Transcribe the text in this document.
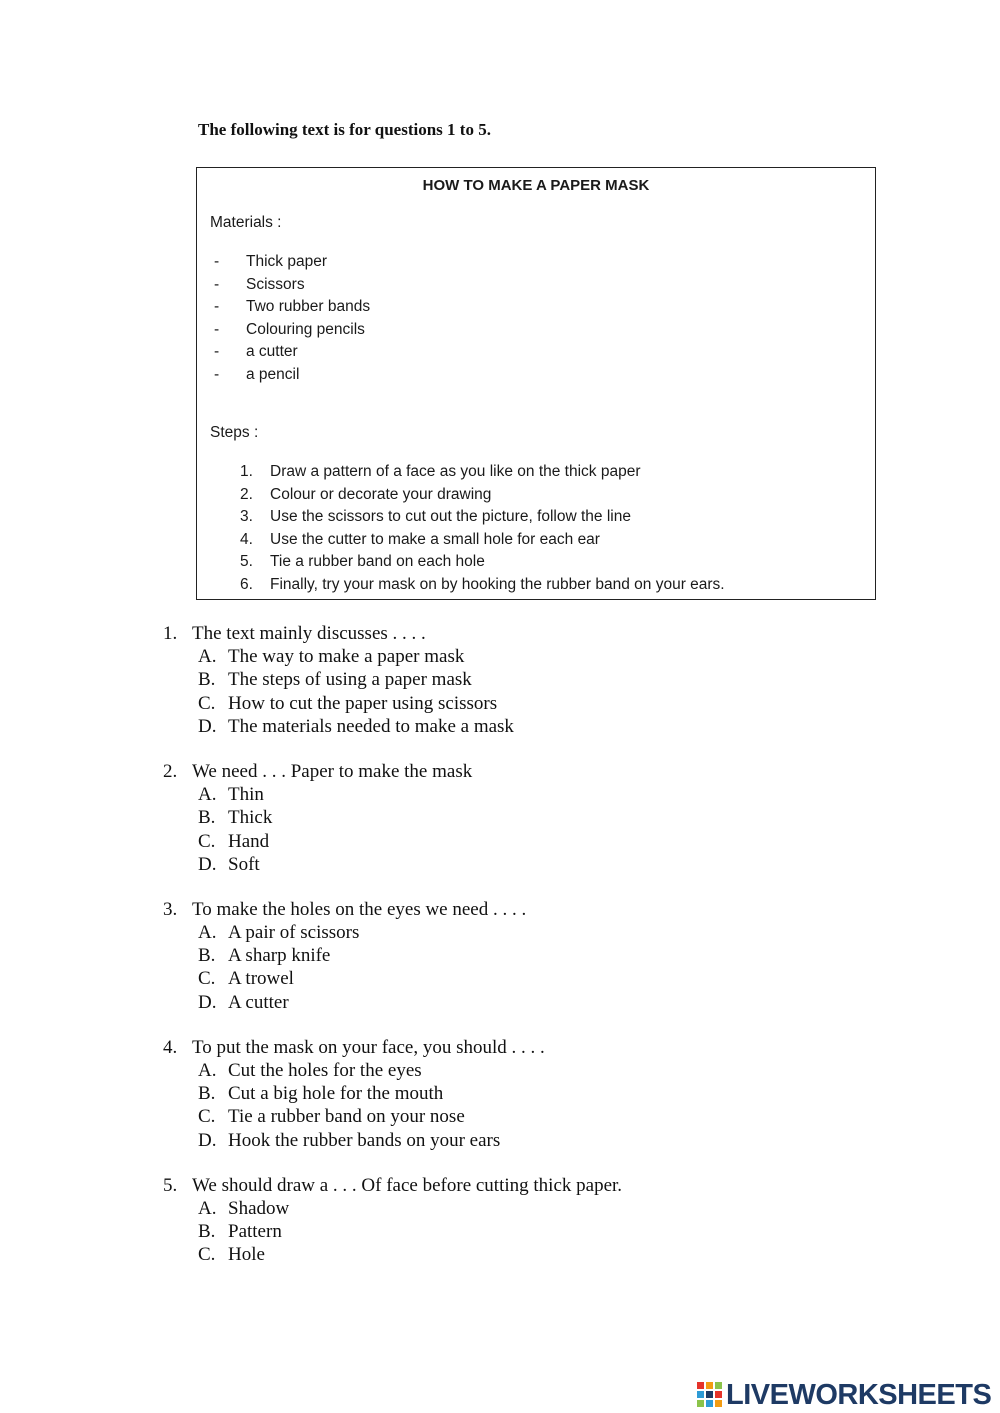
The following text is for questions 1 to 5.
HOW TO MAKE A PAPER MASK
Materials :
- Thick paper
- Scissors
- Two rubber bands
- Colouring pencils
- a cutter
- a pencil
Steps :
1. Draw a pattern of a face as you like on the thick paper
2. Colour or decorate your drawing
3. Use the scissors to cut out the picture, follow the line
4. Use the cutter to make a small hole for each ear
5. Tie a rubber band on each hole
6. Finally, try your mask on by hooking the rubber band on your ears.
1. The text mainly discusses . . . .
A. The way to make a paper mask
B. The steps of using a paper mask
C. How to cut the paper using scissors
D. The materials needed to make a mask
2. We need . . . Paper to make the mask
A. Thin
B. Thick
C. Hand
D. Soft
3. To make the holes on the eyes we need . . . .
A. A pair of scissors
B. A sharp knife
C. A trowel
D. A cutter
4. To put the mask on your face, you should . . . .
A. Cut the holes for the eyes
B. Cut a big hole for the mouth
C. Tie a rubber band on your nose
D. Hook the rubber bands on your ears
5. We should draw a . . . Of face before cutting thick paper.
A. Shadow
B. Pattern
C. Hole
LIVEWORKSHEETS
